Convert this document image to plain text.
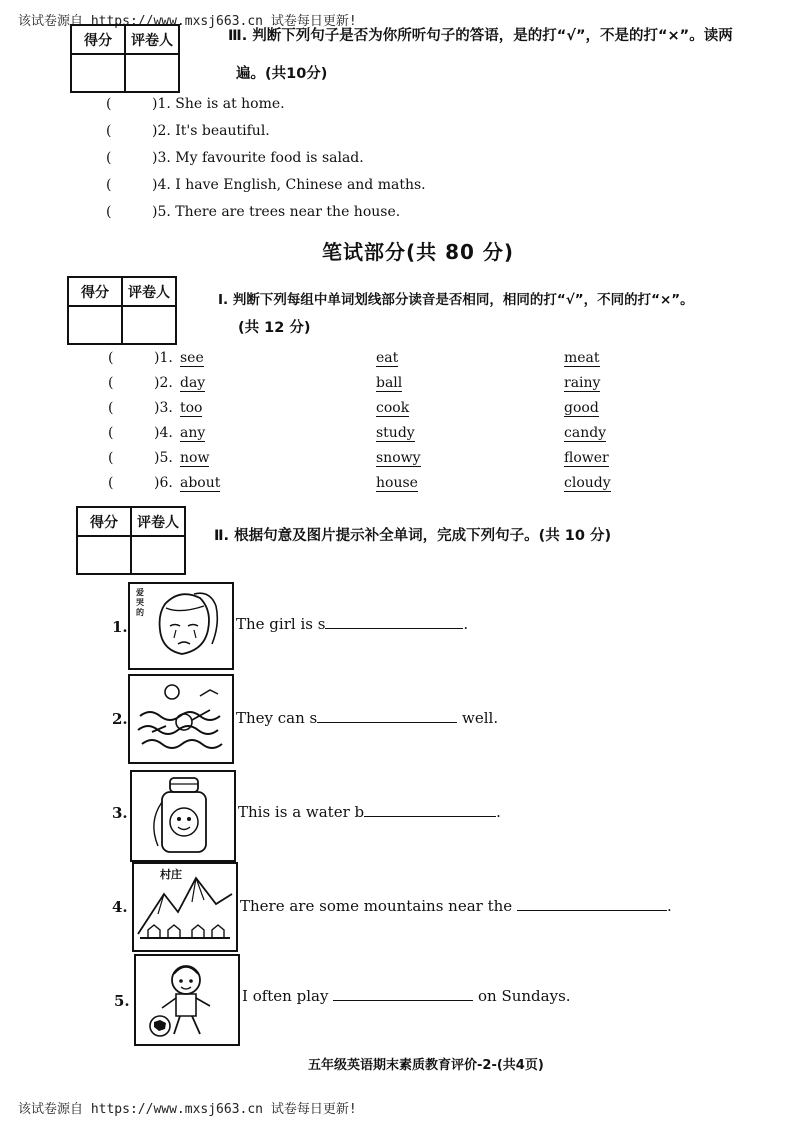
该试卷源自 https://www.mxsj663.cn 试卷每日更新!
得分	评卷人
		Ⅲ. 判断下列句子是否为你所听句子的答语，是的打“√”，不是的打“×”。读两
遍。(共10分)
(	)1. She is at home.
(	)2. It's beautiful.
(	)3. My favourite food is salad.
(	)4. I have English, Chinese and maths.
(	)5. There are trees near the house.
笔试部分(共 80 分)
得分	评卷人
		Ⅰ. 判断下列每组中单词划线部分读音是否相同，相同的打“√”，不同的打“×”。
(共 12 分)
(	)1. see	eat	meat
(	)2. day	ball	rainy
(	)3. too	cook	good
(	)4. any	study	candy
(	)5. now	snowy	flower
(	)6. about	house	cloudy
得分	评卷人

Ⅱ. 根据句意及图片提示补全单词，完成下列句子。(共 10 分)
1.
爱哭的
The girl is s	.
2.	They can s	well.
3.	This is a water b	.
4.
村庄
There are some mountains near the	.
5.	I often play	on Sundays.
五年级英语期末素质教育评价-2-(共4页)
该试卷源自 https://www.mxsj663.cn 试卷每日更新!
